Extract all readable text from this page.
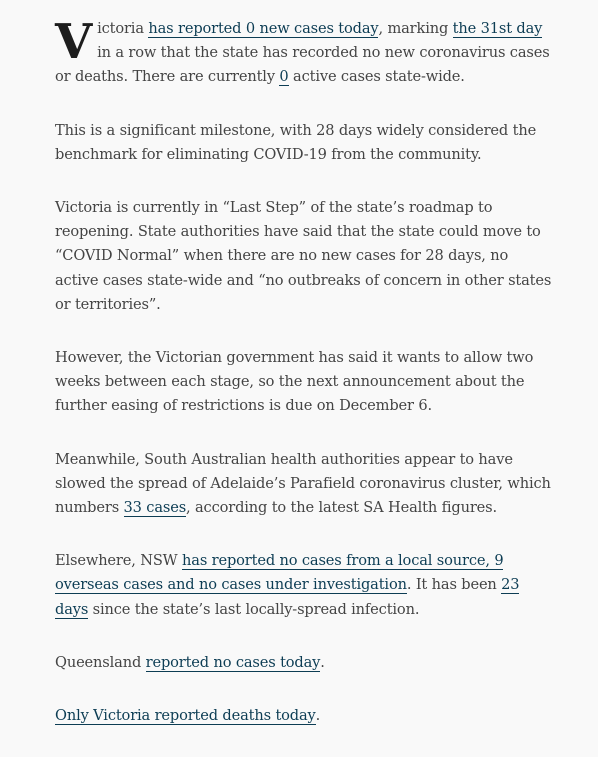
Victoria has reported 0 new cases today, marking the 31st day in a row that the state has recorded no new coronavirus cases or deaths. There are currently 0 active cases state-wide.

This is a significant milestone, with 28 days widely considered the benchmark for eliminating COVID-19 from the community.

Victoria is currently in “Last Step” of the state’s roadmap to reopening. State authorities have said that the state could move to “COVID Normal” when there are no new cases for 28 days, no active cases state-wide and “no outbreaks of concern in other states or territories”.

However, the Victorian government has said it wants to allow two weeks between each stage, so the next announcement about the further easing of restrictions is due on December 6.

Meanwhile, South Australian health authorities appear to have slowed the spread of Adelaide’s Parafield coronavirus cluster, which numbers 33 cases, according to the latest SA Health figures.

Elsewhere, NSW has reported no cases from a local source, 9 overseas cases and no cases under investigation. It has been 23 days since the state’s last locally-spread infection.

Queensland reported no cases today.

Only Victoria reported deaths today.
